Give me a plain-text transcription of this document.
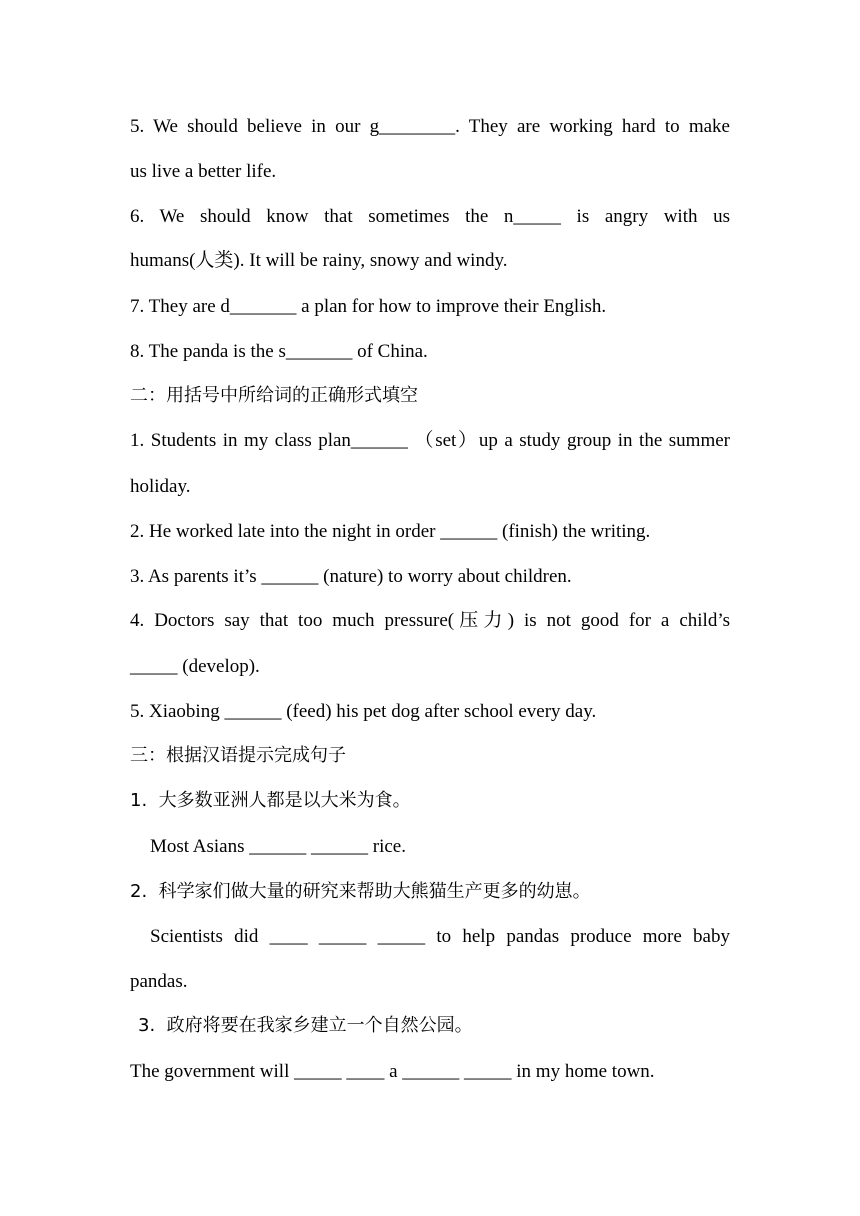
5. We should believe in our g________. They are working hard to make
us live a better life.
6. We should know that sometimes the n_____ is angry with us
humans(人类). It will be rainy, snowy and windy.
7. They are d_______ a plan for how to improve their English.
8. The panda is the s_______ of China.
二：用括号中所给词的正确形式填空
1. Students in my class plan______ （set）up a study group in the summer
holiday.
2. He worked late into the night in order ______ (finish) the writing.
3. As parents it’s ______ (nature) to worry about children.
4. Doctors say that too much pressure(压力) is not good for a child’s
_____ (develop).
5. Xiaobing ______ (feed) his pet dog after school every day.
三：根据汉语提示完成句子
1.  大多数亚洲人都是以大米为食。
Most Asians ______ ______ rice.
2.  科学家们做大量的研究来帮助大熊猫生产更多的幼崽。
Scientists did ____ _____ _____ to help pandas produce more baby
pandas.
3.  政府将要在我家乡建立一个自然公园。
The government will _____ ____ a ______ _____ in my home town.
